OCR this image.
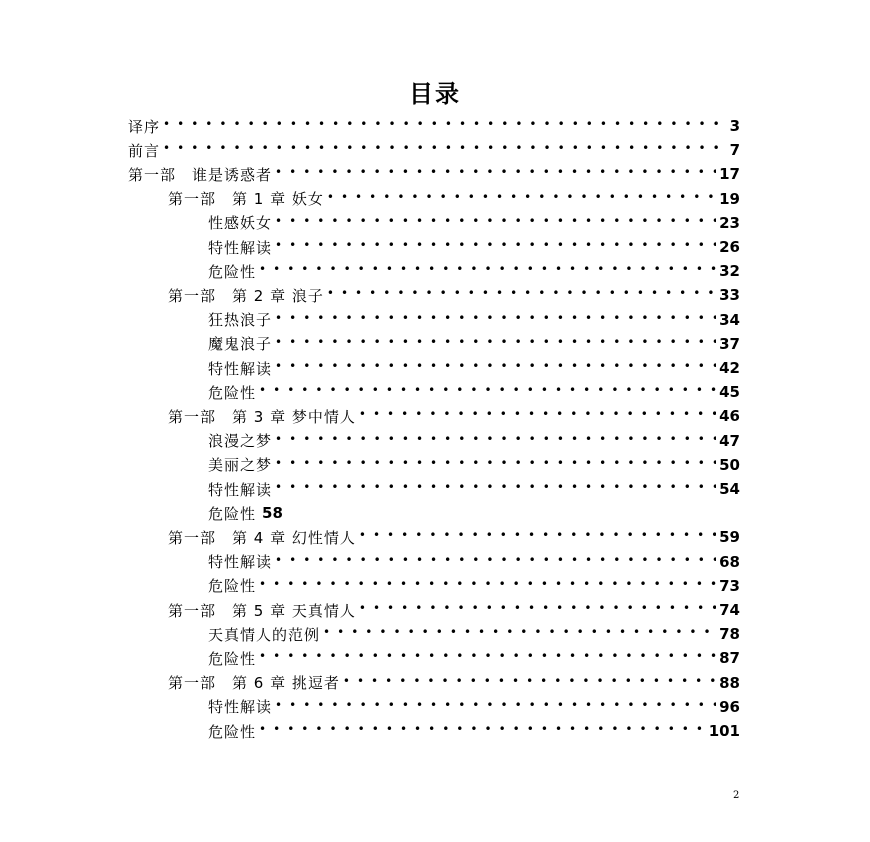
目录
译序 • • •	3
前言 • • •	7
第一部　谁是诱惑者 • • •	17
第一部　第 1 章 妖女 • • •	19
性感妖女 • • •	23
特性解读 • • •	26
危险性 • • •	32
第一部　第 2 章 浪子 • • •	33
狂热浪子 • • •	34
魔鬼浪子 • • •	37
特性解读 • • •	42
危险性 • • •	45
第一部　第 3 章 梦中情人 • • •	46
浪漫之梦 • • •	47
美丽之梦 • • •	50
特性解读 • • •	54
危险性 58
第一部　第 4 章 幻性情人 • • •	59
特性解读 • • •	68
危险性 • • •	73
第一部　第 5 章 天真情人 • • •	74
天真情人的范例 • • •	78
危险性 • • •	87
第一部　第 6 章 挑逗者 • • •	88
特性解读 • • •	96
危险性 • • •	101
2
